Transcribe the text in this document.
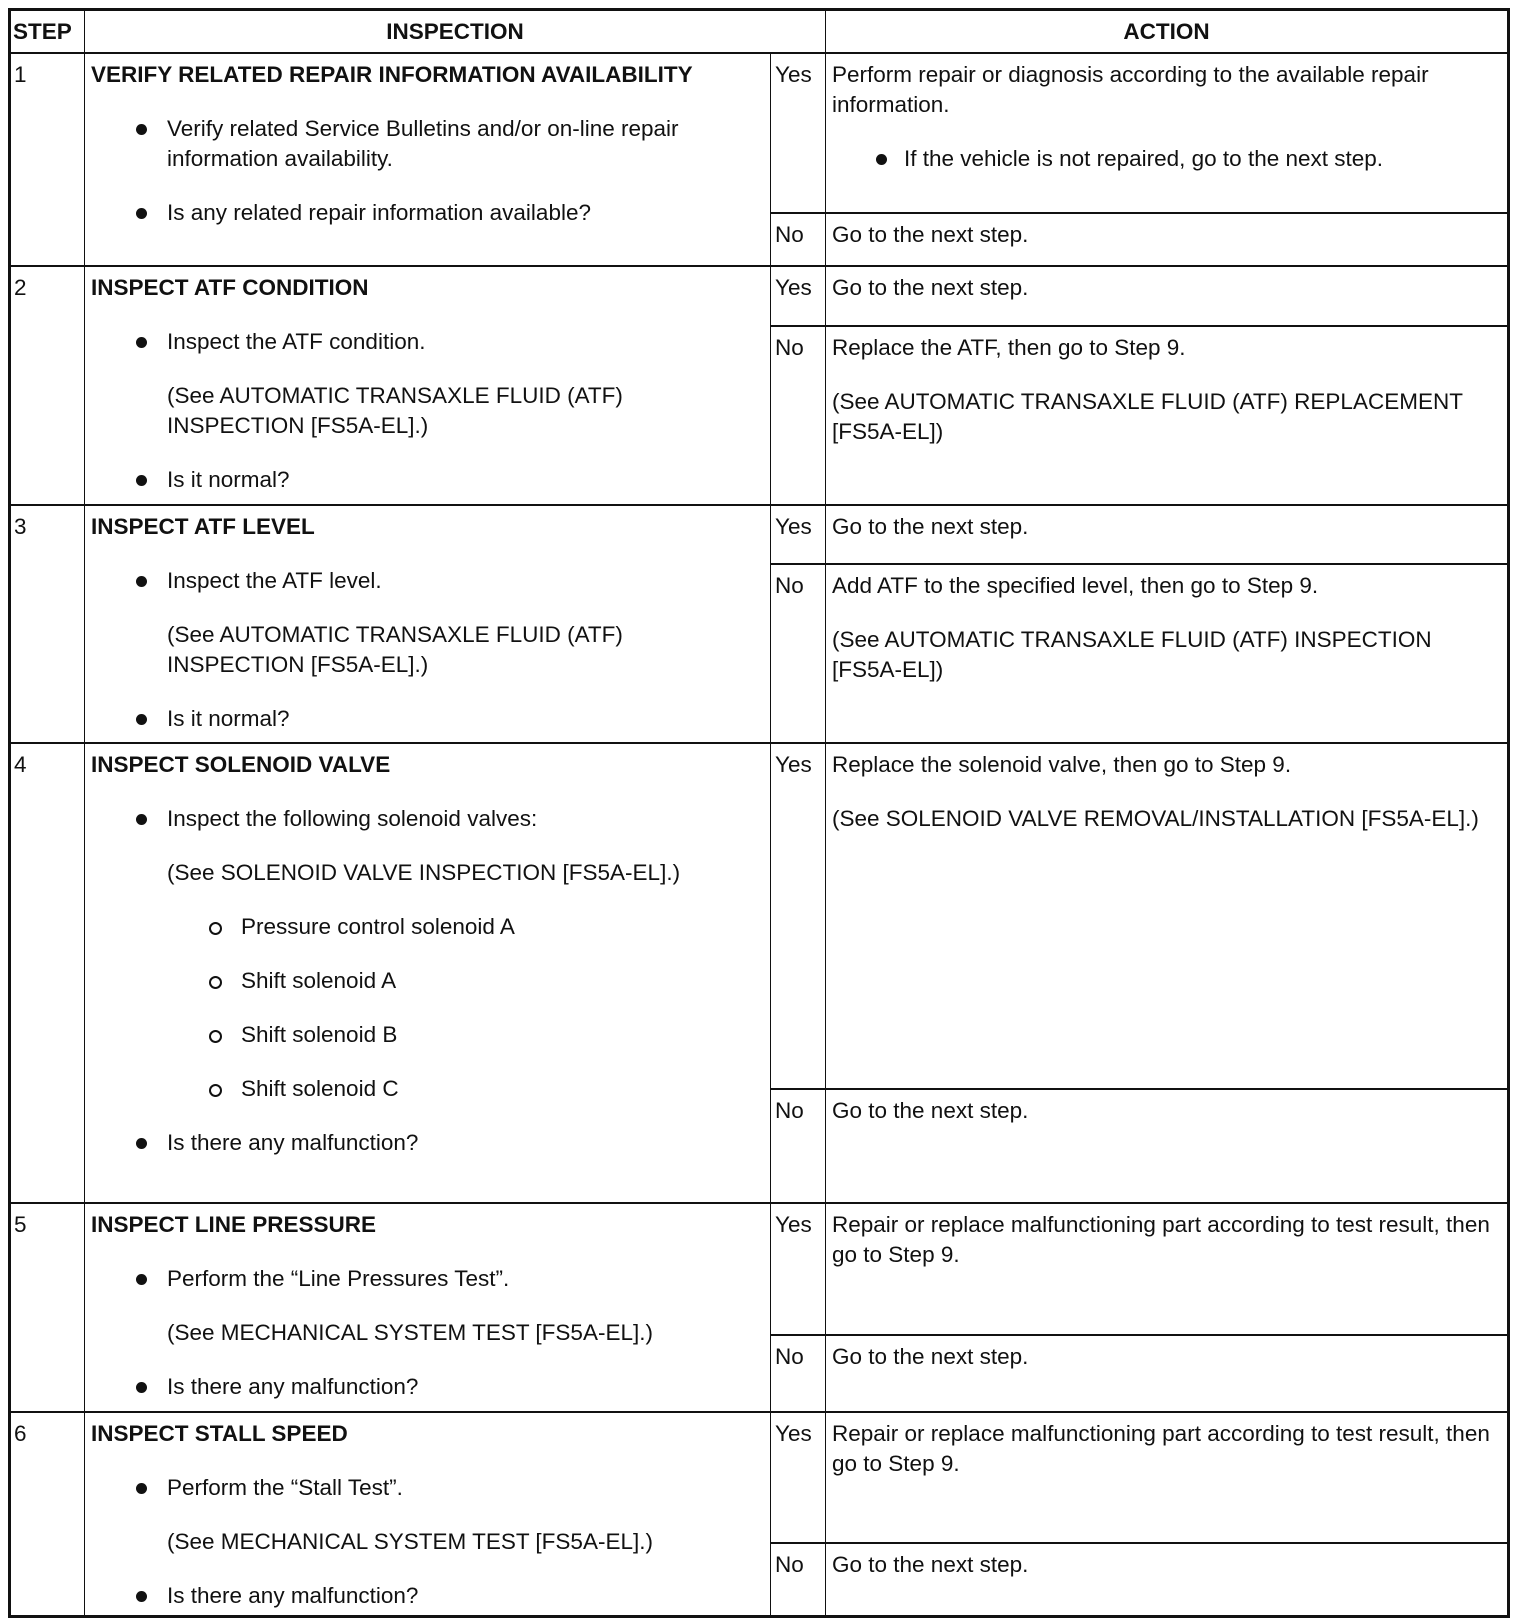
STEP	INSPECTION	ACTION
1	VERIFY RELATED REPAIR INFORMATION AVAILABILITY
Verify related Service Bulletins and/or on-line repair information availability.
Is any related repair information available?
Yes Perform repair or diagnosis according to the available repair information.
If the vehicle is not repaired, go to the next step.
No	Go to the next step.
2	INSPECT ATF CONDITION
Inspect the ATF condition.
(See AUTOMATIC TRANSAXLE FLUID (ATF) INSPECTION [FS5A-EL].)
Is it normal?
Yes Go to the next step.
No	Replace the ATF, then go to Step 9.
(See AUTOMATIC TRANSAXLE FLUID (ATF) REPLACEMENT [FS5A-EL])
3	INSPECT ATF LEVEL
Inspect the ATF level.
(See AUTOMATIC TRANSAXLE FLUID (ATF) INSPECTION [FS5A-EL].)
Is it normal?
Yes Go to the next step.
No	Add ATF to the specified level, then go to Step 9.
(See AUTOMATIC TRANSAXLE FLUID (ATF) INSPECTION [FS5A-EL])
4	INSPECT SOLENOID VALVE
Inspect the following solenoid valves:
(See SOLENOID VALVE INSPECTION [FS5A-EL].)
Pressure control solenoid A
Shift solenoid A
Shift solenoid B
Shift solenoid C
Is there any malfunction?
Yes Replace the solenoid valve, then go to Step 9.
(See SOLENOID VALVE REMOVAL/INSTALLATION [FS5A-EL].)
No	Go to the next step.
5	INSPECT LINE PRESSURE
Perform the “Line Pressures Test”.
(See MECHANICAL SYSTEM TEST [FS5A-EL].)
Is there any malfunction?
Yes Repair or replace malfunctioning part according to test result, then go to Step 9.
No	Go to the next step.
6	INSPECT STALL SPEED
Perform the “Stall Test”.
(See MECHANICAL SYSTEM TEST [FS5A-EL].)
Is there any malfunction?
Yes Repair or replace malfunctioning part according to test result, then go to Step 9.
No	Go to the next step.
